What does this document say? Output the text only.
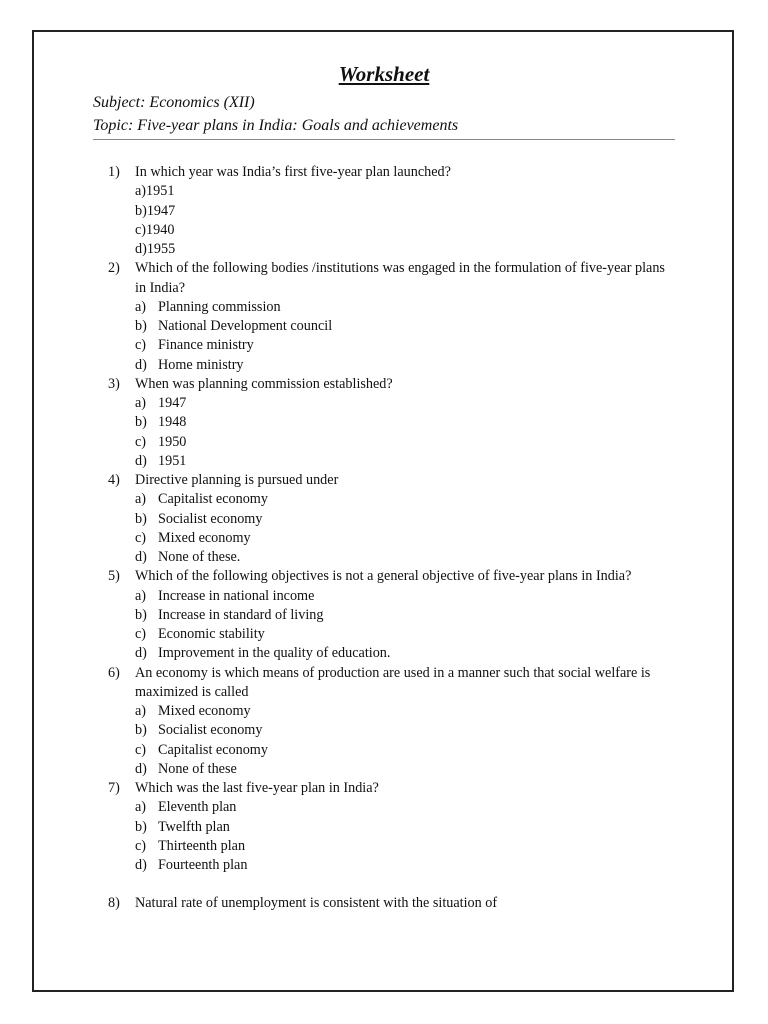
Worksheet
Subject: Economics (XII)
Topic: Five-year plans in India: Goals and achievements
1) In which year was India’s first five-year plan launched?
a)1951
b)1947
c)1940
d)1955
2) Which of the following bodies /institutions was engaged in the formulation of five-year plans in India?
a) Planning commission
b) National Development council
c) Finance ministry
d) Home ministry
3) When was planning commission established?
a) 1947
b) 1948
c) 1950
d) 1951
4) Directive planning is pursued under
a) Capitalist economy
b) Socialist economy
c) Mixed economy
d) None of these.
5) Which of the following objectives is not a general objective of five-year plans in India?
a) Increase in national income
b) Increase in standard of living
c) Economic stability
d) Improvement in the quality of education.
6) An economy is which means of production are used in a manner such that social welfare is maximized is called
a) Mixed economy
b) Socialist economy
c) Capitalist economy
d) None of these
7) Which was the last five-year plan in India?
a) Eleventh plan
b) Twelfth plan
c) Thirteenth plan
d) Fourteenth plan
8) Natural rate of unemployment is consistent with the situation of
